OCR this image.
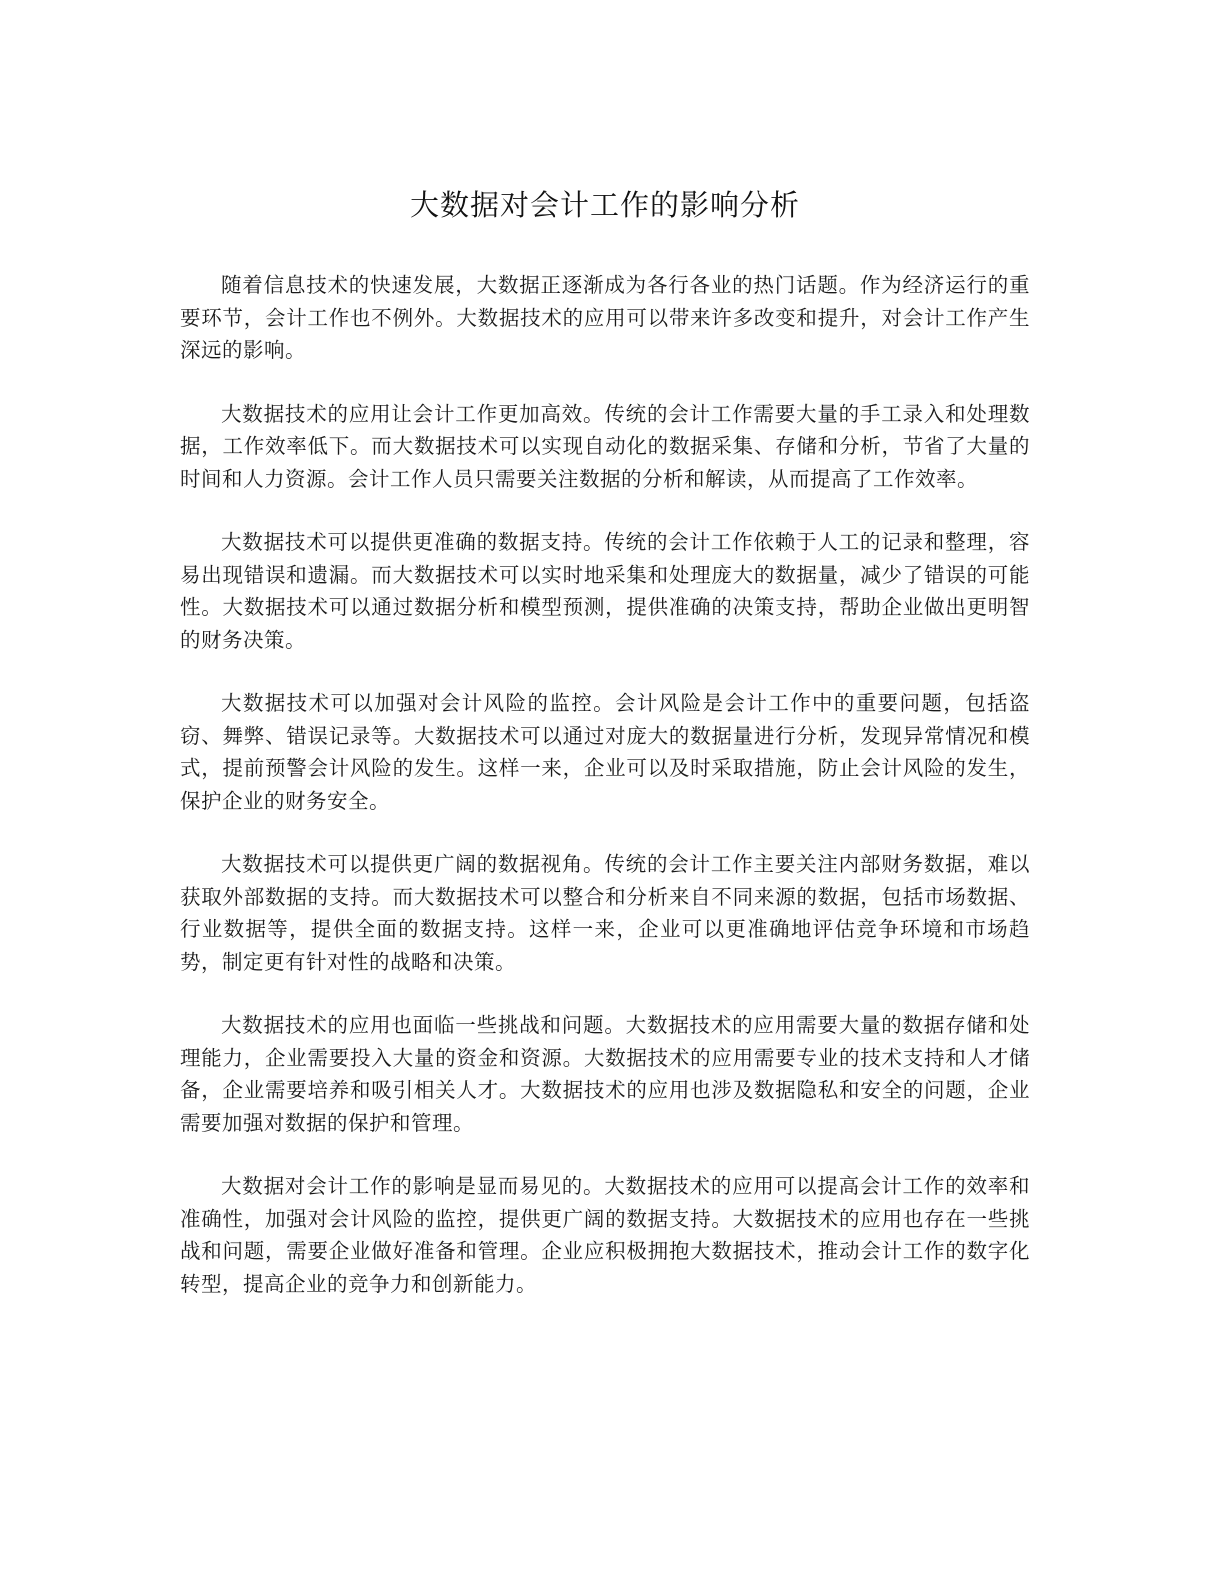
大数据对会计工作的影响分析

随着信息技术的快速发展，大数据正逐渐成为各行各业的热门话题。作为经济运行的重要环节，会计工作也不例外。大数据技术的应用可以带来许多改变和提升，对会计工作产生深远的影响。

大数据技术的应用让会计工作更加高效。传统的会计工作需要大量的手工录入和处理数据，工作效率低下。而大数据技术可以实现自动化的数据采集、存储和分析，节省了大量的时间和人力资源。会计工作人员只需要关注数据的分析和解读，从而提高了工作效率。

大数据技术可以提供更准确的数据支持。传统的会计工作依赖于人工的记录和整理，容易出现错误和遗漏。而大数据技术可以实时地采集和处理庞大的数据量，减少了错误的可能性。大数据技术可以通过数据分析和模型预测，提供准确的决策支持，帮助企业做出更明智的财务决策。

大数据技术可以加强对会计风险的监控。会计风险是会计工作中的重要问题，包括盗窃、舞弊、错误记录等。大数据技术可以通过对庞大的数据量进行分析，发现异常情况和模式，提前预警会计风险的发生。这样一来，企业可以及时采取措施，防止会计风险的发生，保护企业的财务安全。

大数据技术可以提供更广阔的数据视角。传统的会计工作主要关注内部财务数据，难以获取外部数据的支持。而大数据技术可以整合和分析来自不同来源的数据，包括市场数据、行业数据等，提供全面的数据支持。这样一来，企业可以更准确地评估竞争环境和市场趋势，制定更有针对性的战略和决策。

大数据技术的应用也面临一些挑战和问题。大数据技术的应用需要大量的数据存储和处理能力，企业需要投入大量的资金和资源。大数据技术的应用需要专业的技术支持和人才储备，企业需要培养和吸引相关人才。大数据技术的应用也涉及数据隐私和安全的问题，企业需要加强对数据的保护和管理。

大数据对会计工作的影响是显而易见的。大数据技术的应用可以提高会计工作的效率和准确性，加强对会计风险的监控，提供更广阔的数据支持。大数据技术的应用也存在一些挑战和问题，需要企业做好准备和管理。企业应积极拥抱大数据技术，推动会计工作的数字化转型，提高企业的竞争力和创新能力。
